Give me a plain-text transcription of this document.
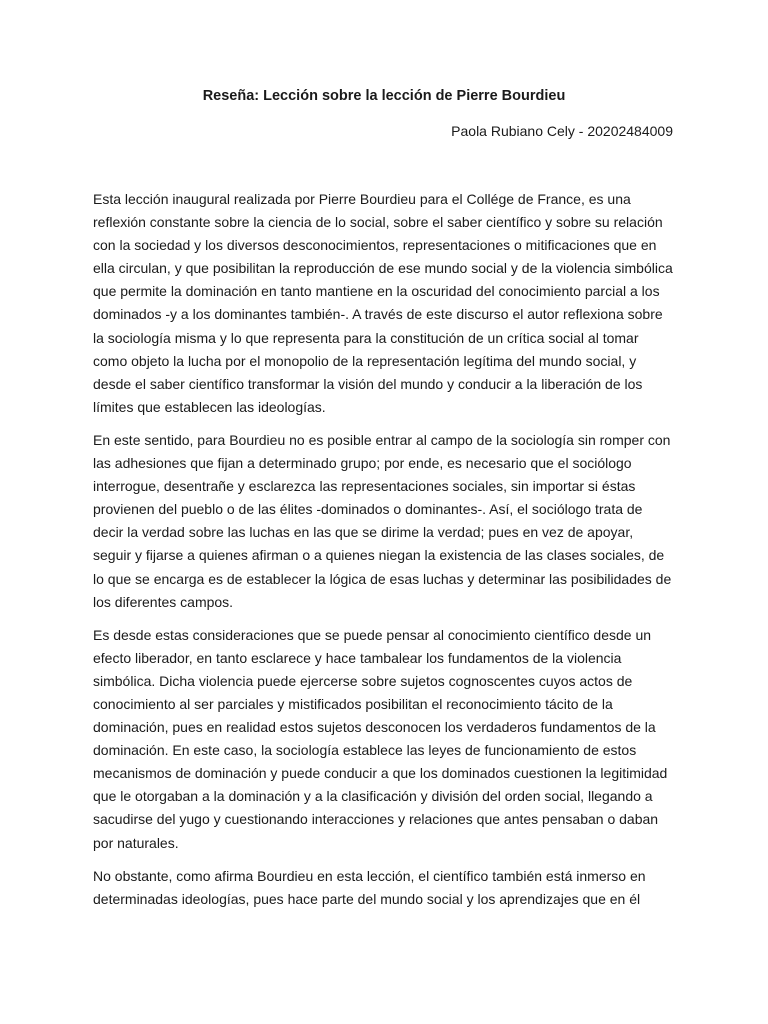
Reseña: Lección sobre la lección de Pierre Bourdieu

Paola Rubiano Cely - 20202484009

Esta lección inaugural realizada por Pierre Bourdieu para el Collége de France, es una reflexión constante sobre la ciencia de lo social, sobre el saber científico y sobre su relación con la sociedad y los diversos desconocimientos, representaciones o mitificaciones que en ella circulan, y que posibilitan la reproducción de ese mundo social y de la violencia simbólica que permite la dominación en tanto mantiene en la oscuridad del conocimiento parcial a los dominados -y a los dominantes también-. A través de este discurso el autor reflexiona sobre la sociología misma y lo que representa para la constitución de un crítica social al tomar como objeto la lucha por el monopolio de la representación legítima del mundo social, y desde el saber científico transformar la visión del mundo y conducir a la liberación de los límites que establecen las ideologías.

En este sentido, para Bourdieu no es posible entrar al campo de la sociología sin romper con las adhesiones que fijan a determinado grupo; por ende, es necesario que el sociólogo interrogue, desentrañe y esclarezca las representaciones sociales, sin importar si éstas provienen del pueblo o de las élites -dominados o dominantes-. Así, el sociólogo trata de decir la verdad sobre las luchas en las que se dirime la verdad; pues en vez de apoyar, seguir y fijarse a quienes afirman o a quienes niegan la existencia de las clases sociales, de lo que se encarga es de establecer la lógica de esas luchas y determinar las posibilidades de los diferentes campos.

Es desde estas consideraciones que se puede pensar al conocimiento científico desde un efecto liberador, en tanto esclarece y hace tambalear los fundamentos de la violencia simbólica. Dicha violencia puede ejercerse sobre sujetos cognoscentes cuyos actos de conocimiento al ser parciales y mistificados posibilitan el reconocimiento tácito de la dominación, pues en realidad estos sujetos desconocen los verdaderos fundamentos de la dominación. En este caso, la sociología establece las leyes de funcionamiento de estos mecanismos de dominación y puede conducir a que los dominados cuestionen la legitimidad que le otorgaban a la dominación y a la clasificación y división del orden social, llegando a sacudirse del yugo y cuestionando interacciones y relaciones que antes pensaban o daban por naturales.

No obstante, como afirma Bourdieu en esta lección, el científico también está inmerso en determinadas ideologías, pues hace parte del mundo social y los aprendizajes que en él
